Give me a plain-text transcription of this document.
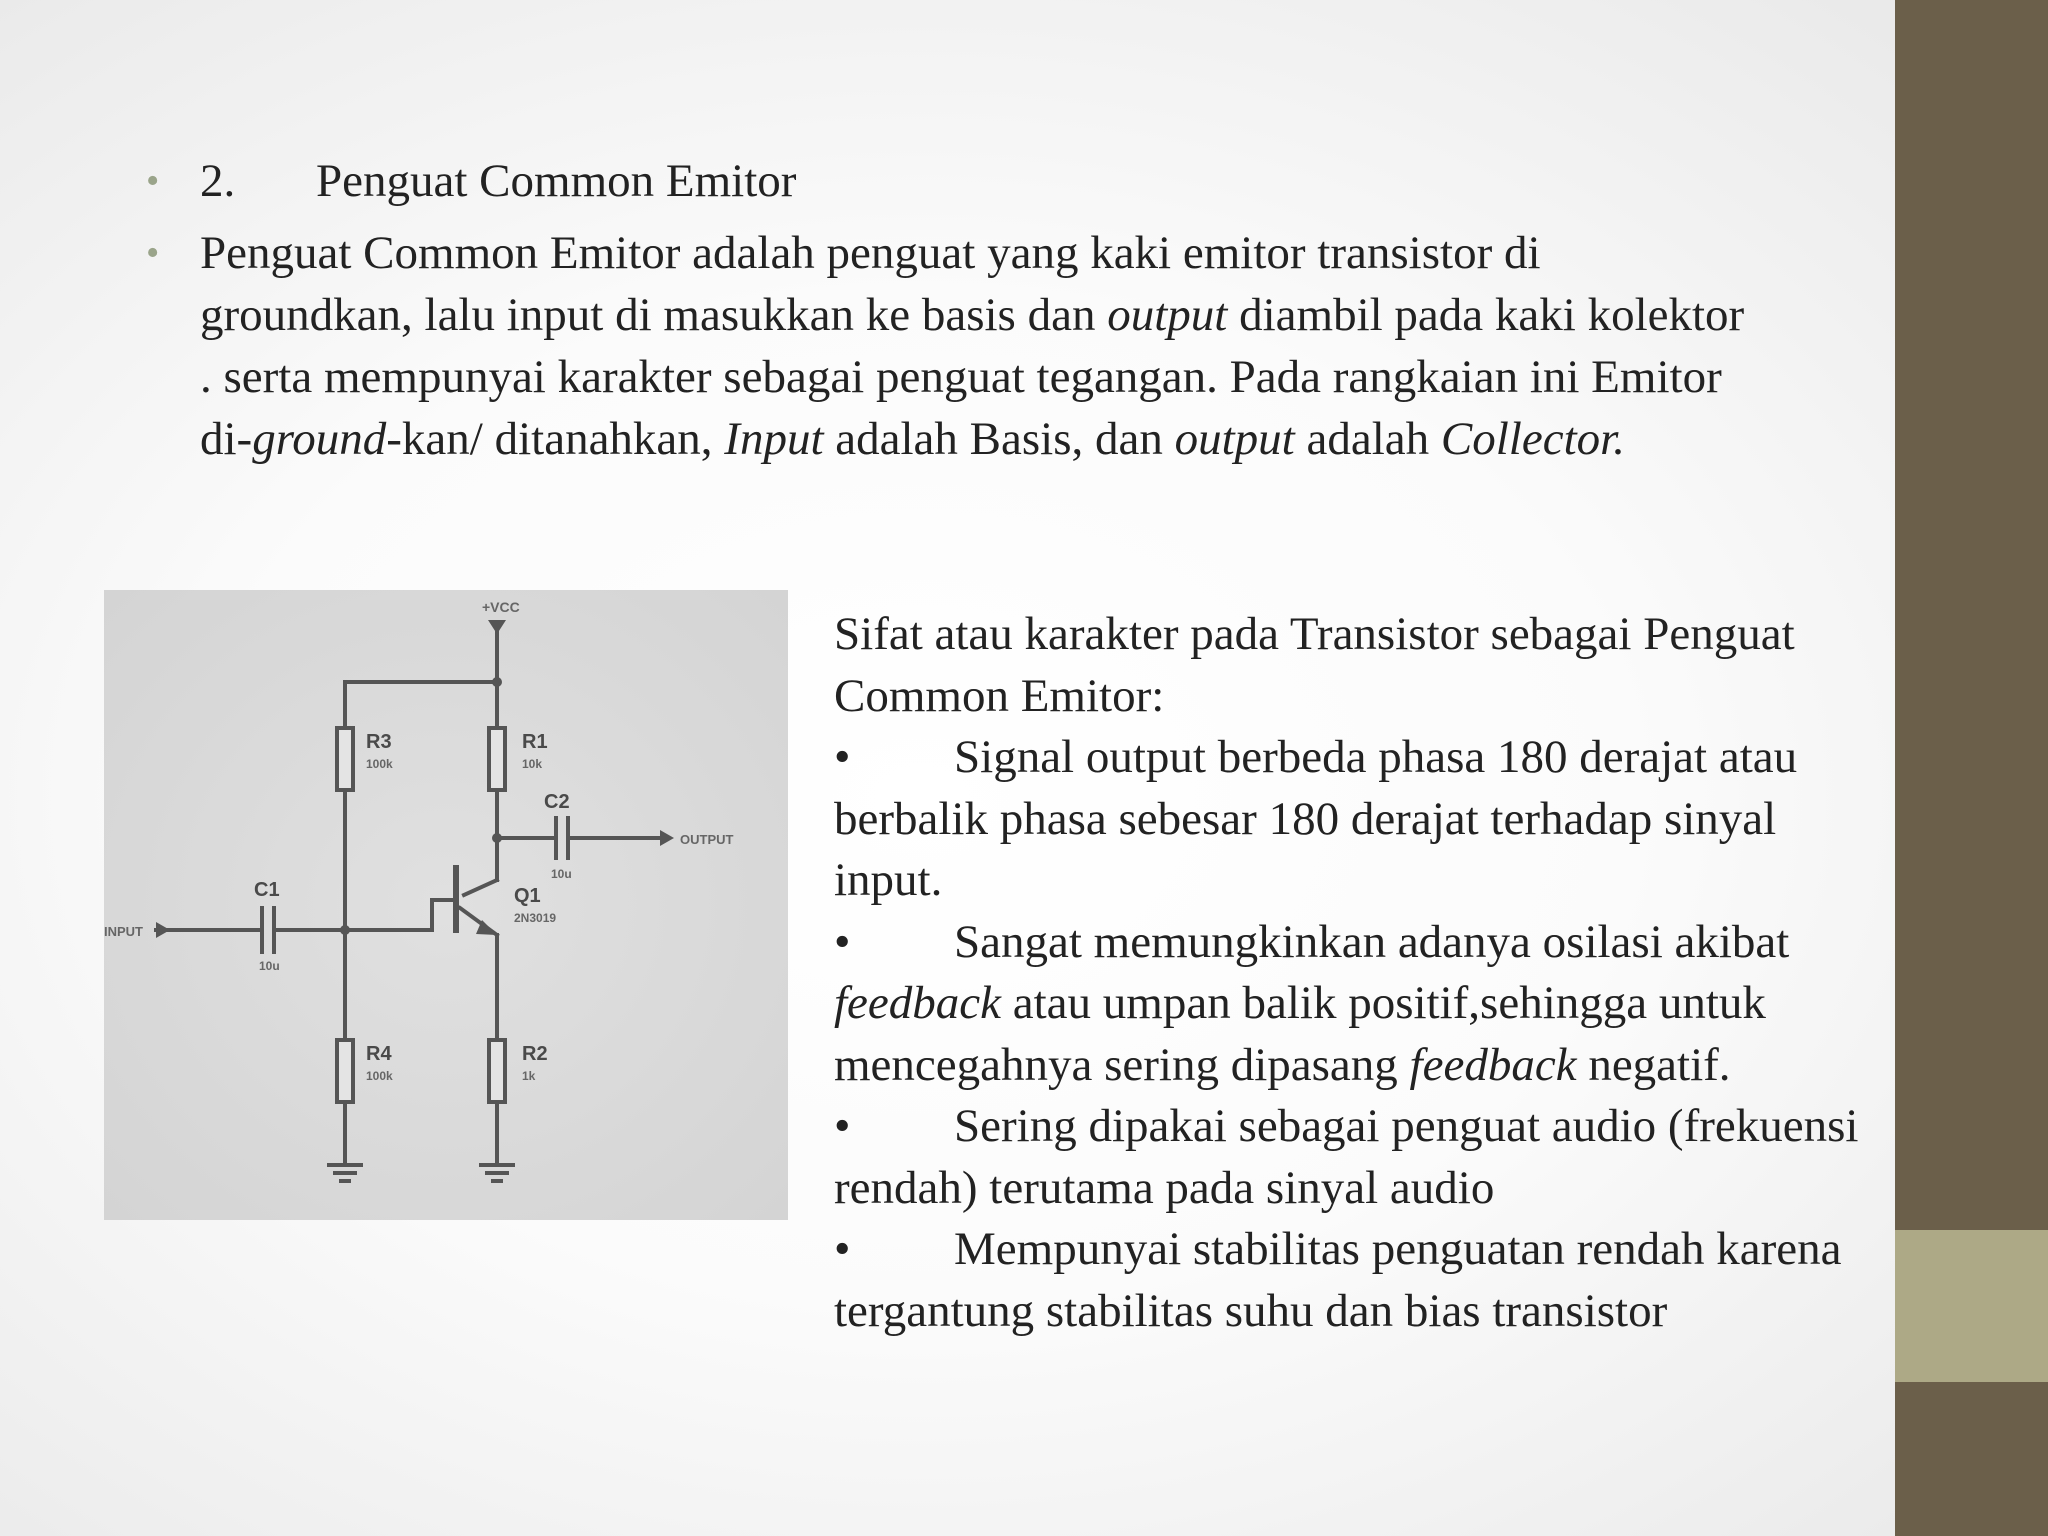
• 2. Penguat Common Emitor
• Penguat Common Emitor adalah penguat yang kaki emitor transistor di groundkan, lalu input di masukkan ke basis dan output diambil pada kaki kolektor . serta mempunyai karakter sebagai penguat tegangan. Pada rangkaian ini Emitor di-ground-kan/ ditanahkan, Input adalah Basis, dan output adalah Collector.
+VCC
R3
100k
R1
10k
C2
10u
OUTPUT
C1
10u
INPUT
Q1
2N3019
R4
100k
R2
1k

Sifat atau karakter pada Transistor sebagai Penguat Common Emitor:

• Signal output berbeda phasa 180 derajat atau berbalik phasa sebesar 180 derajat terhadap sinyal input.

• Sangat memungkinkan adanya osilasi akibat feedback atau umpan balik positif,sehingga untuk mencegahnya sering dipasang feedback negatif.

• Sering dipakai sebagai penguat audio (frekuensi rendah) terutama pada sinyal audio

• Mempunyai stabilitas penguatan rendah karena tergantung stabilitas suhu dan bias transistor
